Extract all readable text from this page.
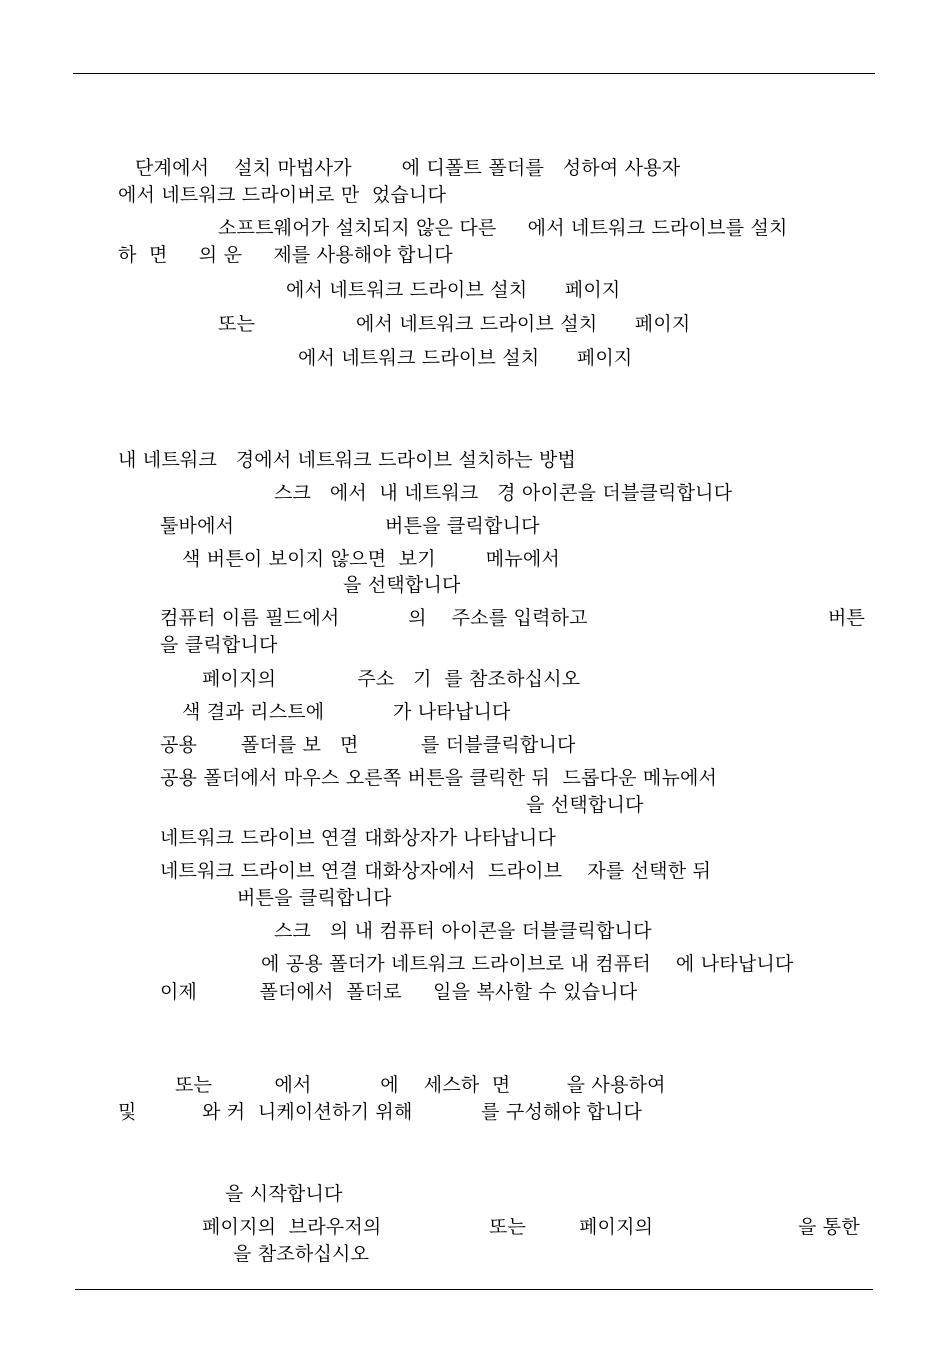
단계에서    설치 마법사가        에 디폴트 폴더를   성하여 사용자
에서 네트워크 드라이버로 만  었습니다
소프트웨어가 설치되지 않은 다른     에서 네트워크 드라이브를 설치
하  면     의 운     제를 사용해야 합니다
에서 네트워크 드라이브 설치      페이지
또는	에서 네트워크 드라이브 설치      페이지
에서 네트워크 드라이브 설치      페이지
내 네트워크   경에서 네트워크 드라이브 설치하는 방법
스크   에서  내 네트워크   경 아이콘을 더블클릭합니다
툴바에서	버튼을 클릭합니다
색 버튼이 보이지 않으면  보기        메뉴에서
을 선택합니다
컴퓨터 이름 필드에서           의    주소를 입력하고	버튼
을 클릭합니다
페이지의             주소   기  를 참조하십시오
색 결과 리스트에           가 나타납니다
공용       폴더를 보   면          를 더블클릭합니다
공용 폴더에서 마우스 오른쪽 버튼을 클릭한 뒤  드롭다운 메뉴에서
을 선택합니다
네트워크 드라이브 연결 대화상자가 나타납니다
네트워크 드라이브 연결 대화상자에서  드라이브    자를 선택한 뒤
버튼을 클릭합니다
스크   의 내 컴퓨터 아이콘을 더블클릭합니다
에 공용 폴더가 네트워크 드라이브로 내 컴퓨터    에 나타납니다
이제          폴더에서  폴더로     일을 복사할 수 있습니다
또는          에서           에    세스하  면         을 사용하여
및	와 커  니케이션하기 위해           를 구성해야 합니다
을 시작합니다
페이지의  브라우저의	또는	페이지의	을 통한
을 참조하십시오
